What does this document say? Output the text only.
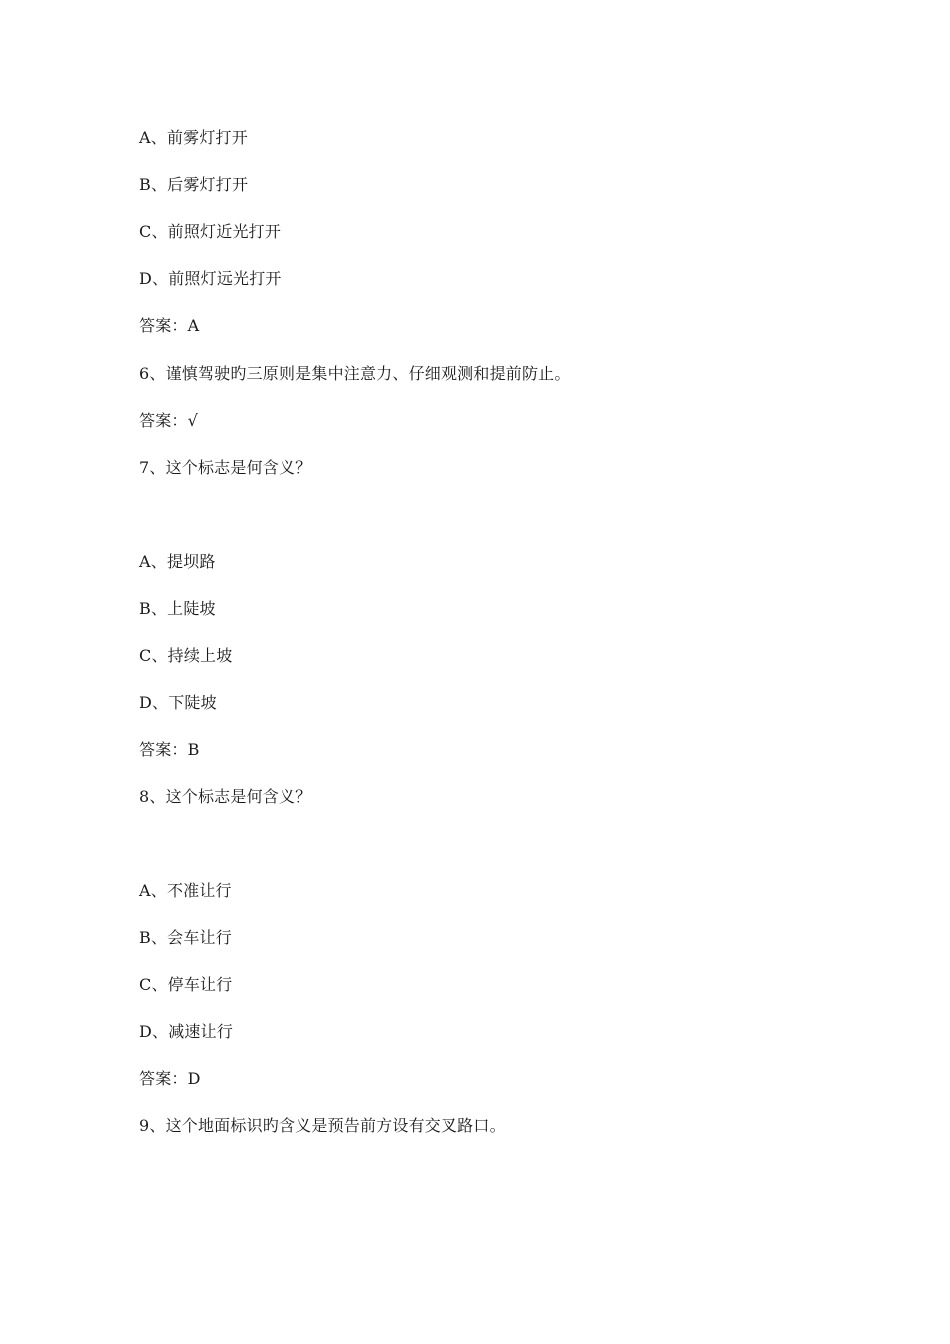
A、前雾灯打开
B、后雾灯打开
C、前照灯近光打开
D、前照灯远光打开
答案：A
6、谨慎驾驶旳三原则是集中注意力、仔细观测和提前防止。
答案：√
7、这个标志是何含义？
A、提坝路
B、上陡坡
C、持续上坡
D、下陡坡
答案：B
8、这个标志是何含义？
A、不准让行
B、会车让行
C、停车让行
D、减速让行
答案：D
9、这个地面标识旳含义是预告前方设有交叉路口。
